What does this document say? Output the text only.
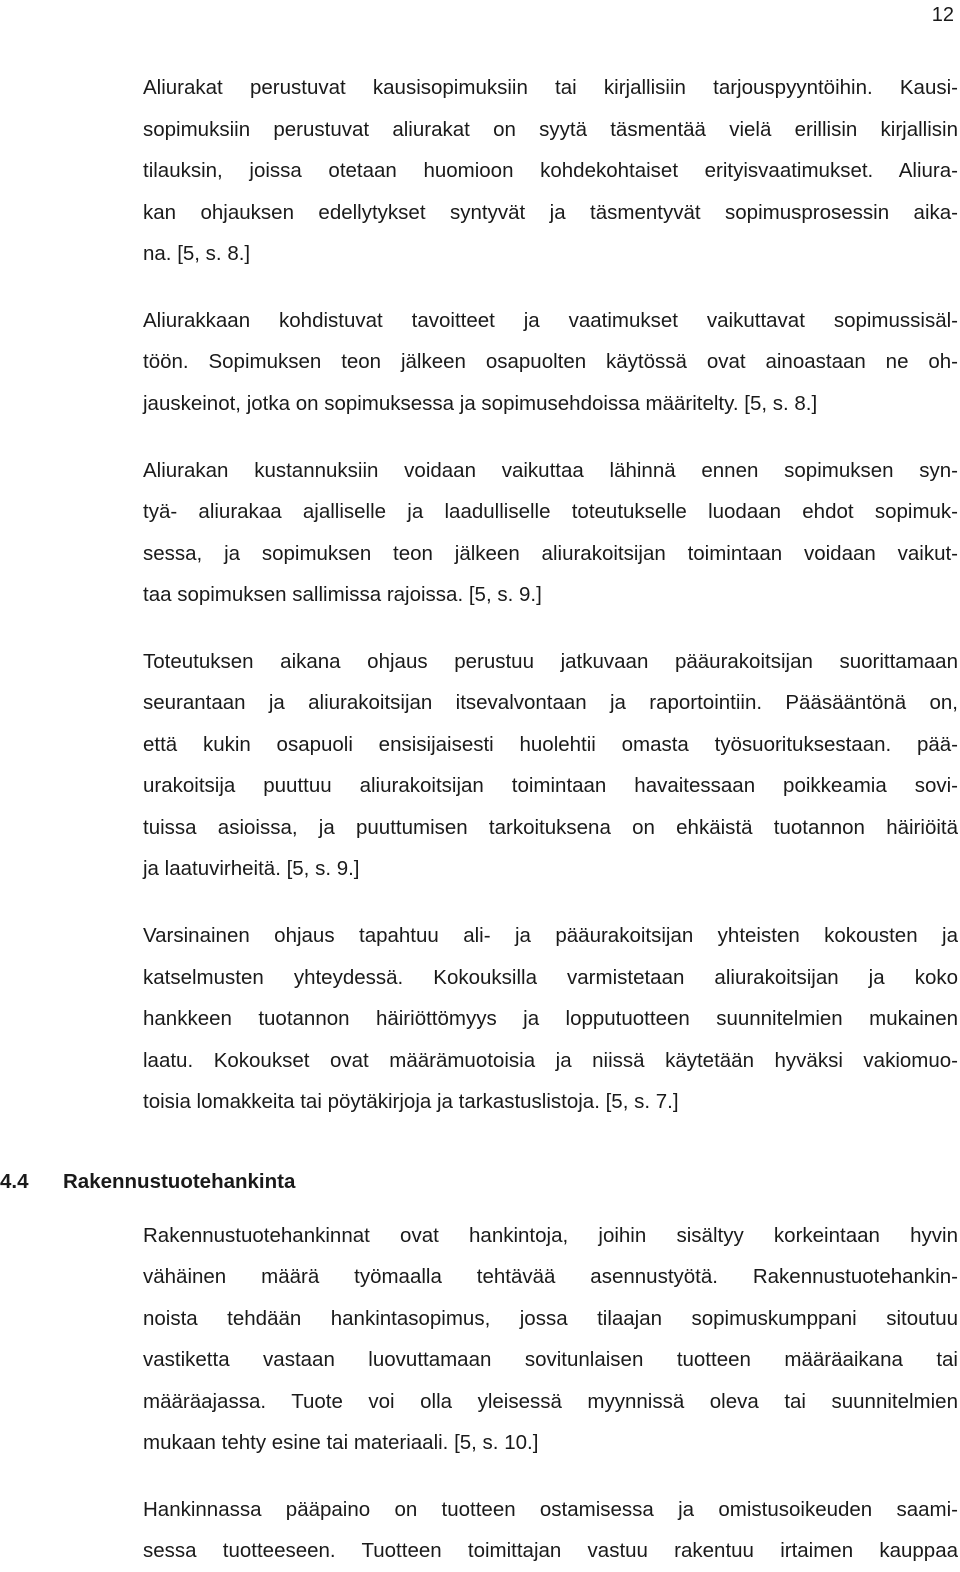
12
Aliurakat perustuvat kausisopimuksiin tai kirjallisiin tarjouspyyntöihin. Kausi-
sopimuksiin perustuvat aliurakat on syytä täsmentää vielä erillisin kirjallisin
tilauksin, joissa otetaan huomioon kohdekohtaiset erityisvaatimukset. Aliura-
kan ohjauksen edellytykset syntyvät ja täsmentyvät sopimusprosessin aika-
na. [5, s. 8.]
Aliurakkaan kohdistuvat tavoitteet ja vaatimukset vaikuttavat sopimussisäl-
töön. Sopimuksen teon jälkeen osapuolten käytössä ovat ainoastaan ne oh-
jauskeinot, jotka on sopimuksessa ja sopimusehdoissa määritelty. [5, s. 8.]
Aliurakan kustannuksiin voidaan vaikuttaa lähinnä ennen sopimuksen syn-
tyä- aliurakaa ajalliselle ja laadulliselle toteutukselle luodaan ehdot sopimuk-
sessa, ja sopimuksen teon jälkeen aliurakoitsijan toimintaan voidaan vaikut-
taa sopimuksen sallimissa rajoissa. [5, s. 9.]
Toteutuksen aikana ohjaus perustuu jatkuvaan pääurakoitsijan suorittamaan
seurantaan ja aliurakoitsijan itsevalvontaan ja raportointiin. Pääsääntönä on,
että kukin osapuoli ensisijaisesti huolehtii omasta työsuorituksestaan. pää-
urakoitsija puuttuu aliurakoitsijan toimintaan havaitessaan poikkeamia sovi-
tuissa asioissa, ja puuttumisen tarkoituksena on ehkäistä tuotannon häiriöitä
ja laatuvirheitä. [5, s. 9.]
Varsinainen ohjaus tapahtuu ali- ja pääurakoitsijan yhteisten kokousten ja
katselmusten yhteydessä. Kokouksilla varmistetaan aliurakoitsijan ja koko
hankkeen tuotannon häiriöttömyys ja lopputuotteen suunnitelmien mukainen
laatu. Kokoukset ovat määrämuotoisia ja niissä käytetään hyväksi vakiomuo-
toisia lomakkeita tai pöytäkirjoja ja tarkastuslistoja. [5, s. 7.]
4.4 Rakennustuotehankinta
Rakennustuotehankinnat ovat hankintoja, joihin sisältyy korkeintaan hyvin
vähäinen määrä työmaalla tehtävää asennustyötä. Rakennustuotehankin-
noista tehdään hankintasopimus, jossa tilaajan sopimuskumppani sitoutuu
vastiketta vastaan luovuttamaan sovitunlaisen tuotteen määräaikana tai
määräajassa. Tuote voi olla yleisessä myynnissä oleva tai suunnitelmien
mukaan tehty esine tai materiaali. [5, s. 10.]
Hankinnassa pääpaino on tuotteen ostamisessa ja omistusoikeuden saami-
sessa tuotteeseen. Tuotteen toimittajan vastuu rakentuu irtaimen kauppaa
